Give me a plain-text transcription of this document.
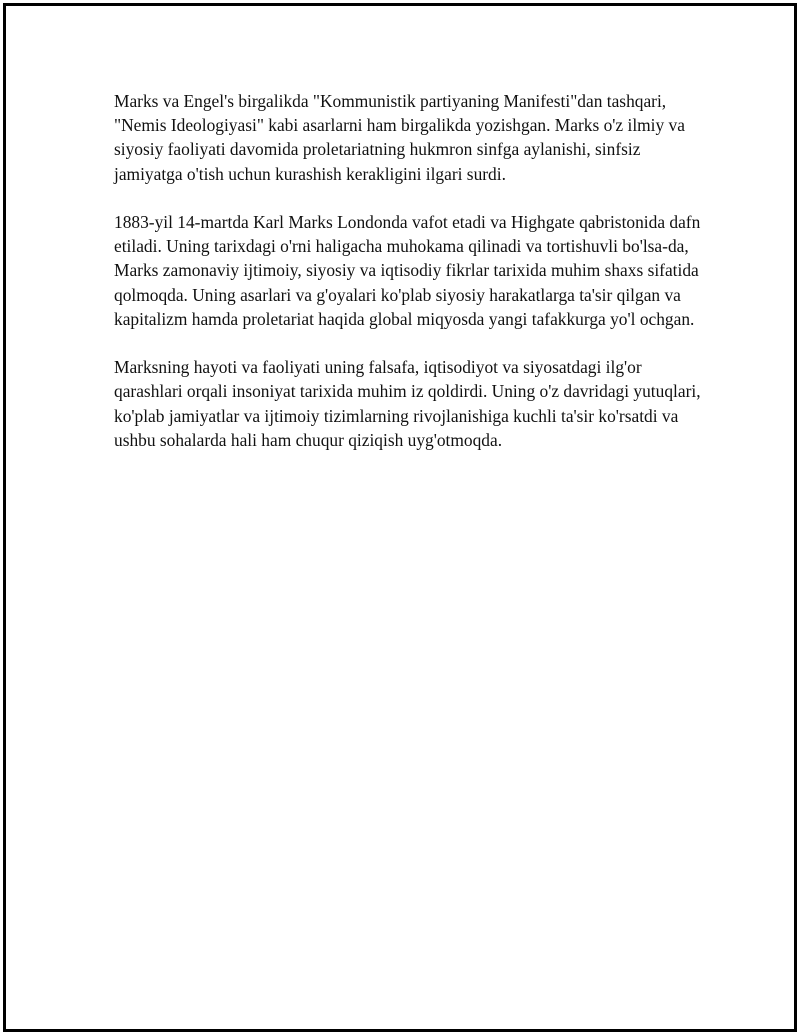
Marks va Engel's birgalikda "Kommunistik partiyaning Manifesti"dan tashqari, "Nemis Ideologiyasi" kabi asarlarni ham birgalikda yozishgan. Marks o'z ilmiy va siyosiy faoliyati davomida proletariatning hukmron sinfga aylanishi, sinfsiz jamiyatga o'tish uchun kurashish kerakligini ilgari surdi.

1883-yil 14-martda Karl Marks Londonda vafot etadi va Highgate qabristonida dafn etiladi. Uning tarixdagi o'rni haligacha muhokama qilinadi va tortishuvli bo'lsa-da, Marks zamonaviy ijtimoiy, siyosiy va iqtisodiy fikrlar tarixida muhim shaxs sifatida qolmoqda. Uning asarlari va g'oyalari ko'plab siyosiy harakatlarga ta'sir qilgan va kapitalizm hamda proletariat haqida global miqyosda yangi tafakkurga yo'l ochgan.

Marksning hayoti va faoliyati uning falsafa, iqtisodiyot va siyosatdagi ilg'or qarashlari orqali insoniyat tarixida muhim iz qoldirdi. Uning o'z davridagi yutuqlari, ko'plab jamiyatlar va ijtimoiy tizimlarning rivojlanishiga kuchli ta'sir ko'rsatdi va ushbu sohalarda hali ham chuqur qiziqish uyg'otmoqda.
